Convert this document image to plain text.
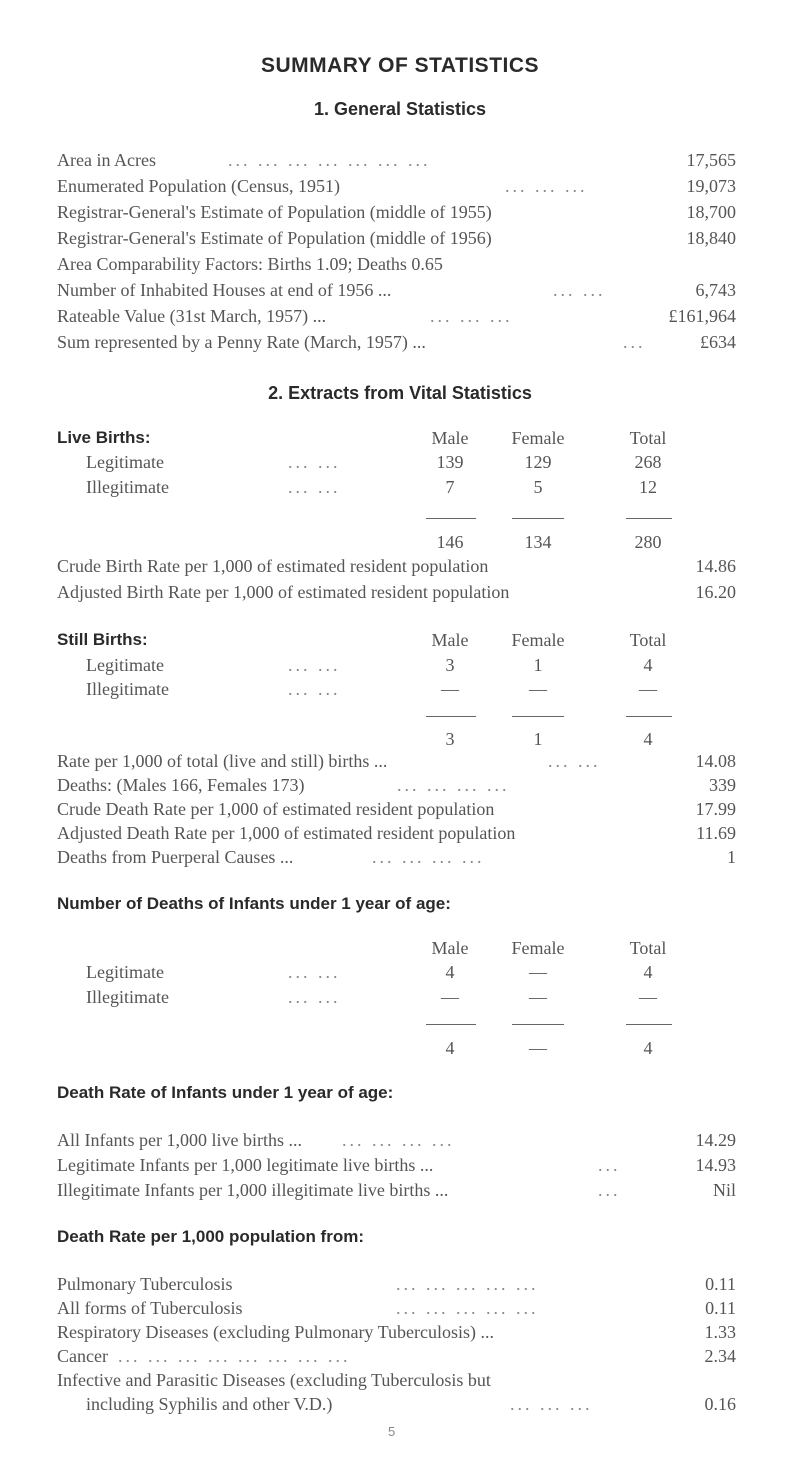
SUMMARY OF STATISTICS
1. General Statistics
Area in Acres	... ... ... ... ... ... ...	17,565
Enumerated Population (Census, 1951)	... ... ...	19,073
Registrar-General's Estimate of Population (middle of 1955)	18,700
Registrar-General's Estimate of Population (middle of 1956)	18,840
Area Comparability Factors: Births 1.09; Deaths 0.65
Number of Inhabited Houses at end of 1956 ...	... ...	6,743
Rateable Value (31st March, 1957) ...	... ... ...	£161,964
Sum represented by a Penny Rate (March, 1957) ...	...	£634
2. Extracts from Vital Statistics
Live Births:	Male	Female	Total
Legitimate	... ...	139	129	268
Illegitimate	... ...	7	5	12
146	134	280
Crude Birth Rate per 1,000 of estimated resident population	14.86
Adjusted Birth Rate per 1,000 of estimated resident population	16.20
Still Births:	Male	Female	Total
Legitimate	... ...	3	1	4
Illegitimate	... ...	—	—	—
3	1	4
Rate per 1,000 of total (live and still) births ...	... ...	14.08
Deaths: (Males 166, Females 173)	... ... ... ...	339
Crude Death Rate per 1,000 of estimated resident population	17.99
Adjusted Death Rate per 1,000 of estimated resident population	11.69
Deaths from Puerperal Causes ...	... ... ... ...	1
Number of Deaths of Infants under 1 year of age:
Male	Female	Total
Legitimate	... ...	4	—	4
Illegitimate	... ...	—	—	—
4	—	4
Death Rate of Infants under 1 year of age:
All Infants per 1,000 live births ... ... ... ... ...	14.29
Legitimate Infants per 1,000 legitimate live births ...	...	14.93
Illegitimate Infants per 1,000 illegitimate live births ...	...	Nil
Death Rate per 1,000 population from:
Pulmonary Tuberculosis	... ... ... ... ...	0.11
All forms of Tuberculosis	... ... ... ... ...	0.11
Respiratory Diseases (excluding Pulmonary Tuberculosis) ...	1.33
Cancer ... ... ... ... ... ... ... ...	2.34
Infective and Parasitic Diseases (excluding Tuberculosis but
including Syphilis and other V.D.)	... ... ...	0.16
5
